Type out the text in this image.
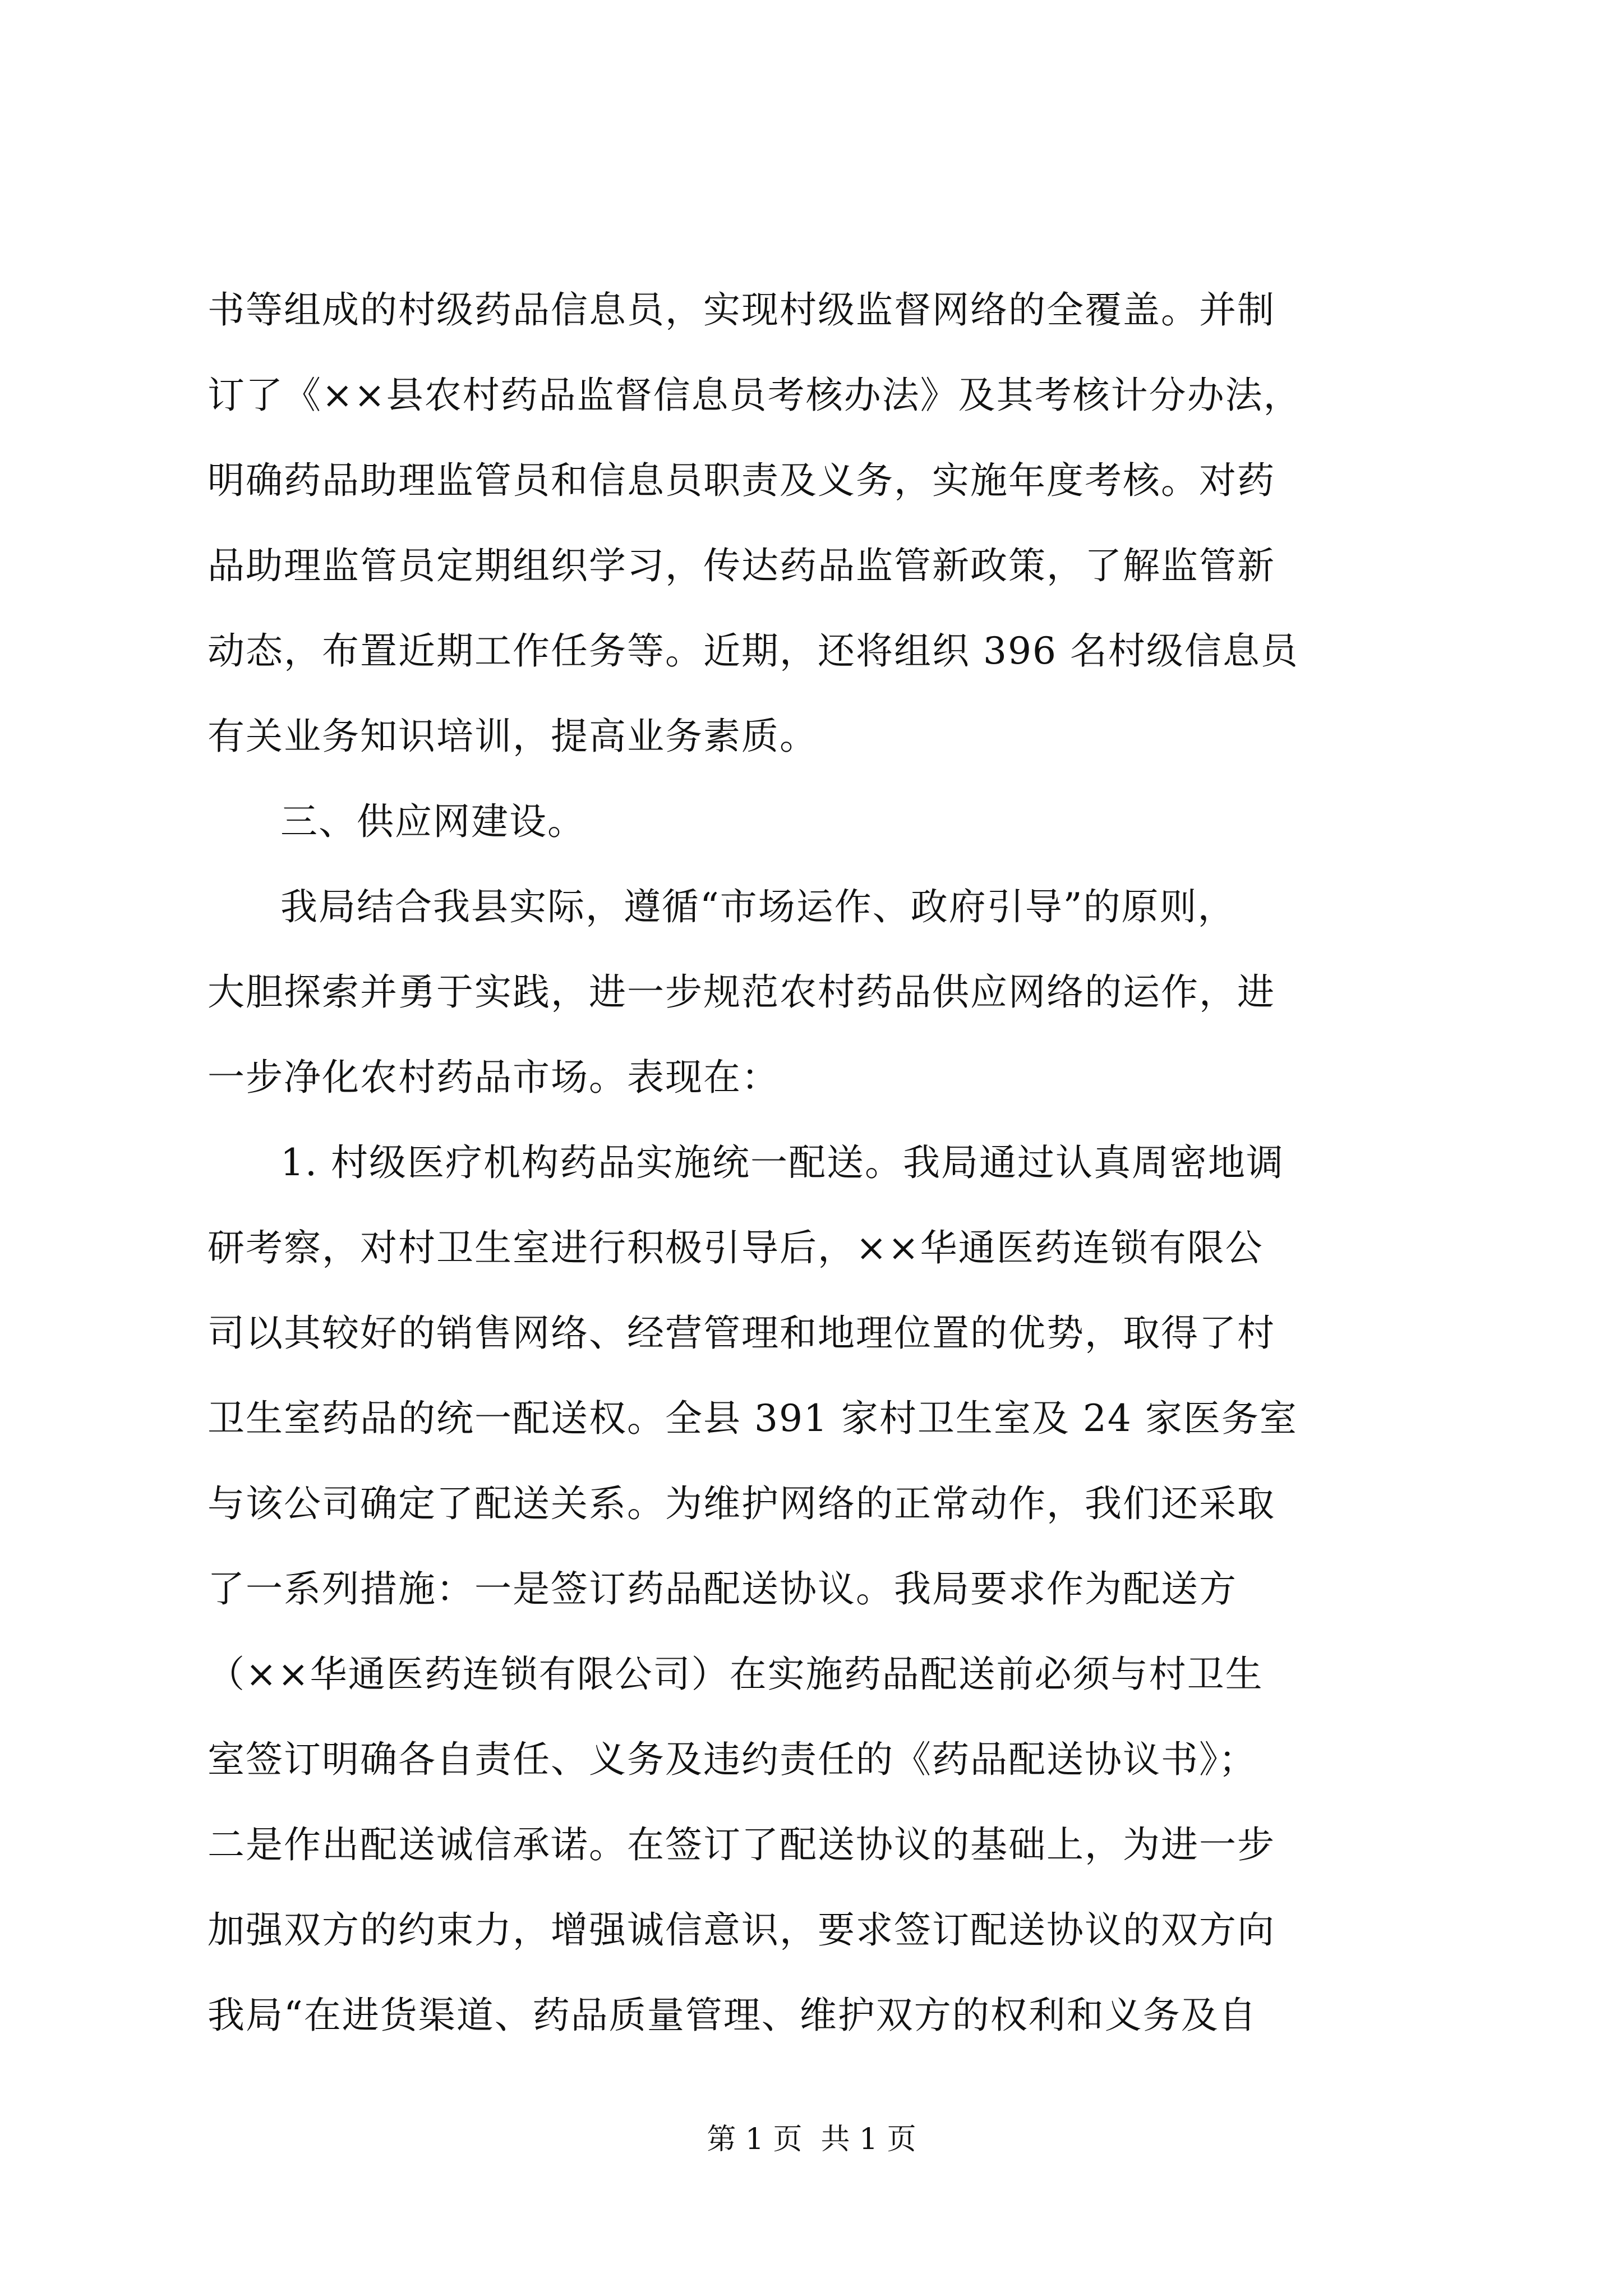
书等组成的村级药品信息员，实现村级监督网络的全覆盖。并制
订了《××县农村药品监督信息员考核办法》及其考核计分办法，
明确药品助理监管员和信息员职责及义务，实施年度考核。对药
品助理监管员定期组织学习，传达药品监管新政策，了解监管新
动态，布置近期工作任务等。近期，还将组织 396 名村级信息员
有关业务知识培训，提高业务素质。
三、供应网建设。
我局结合我县实际，遵循“市场运作、政府引导”的原则，
大胆探索并勇于实践，进一步规范农村药品供应网络的运作，进
一步净化农村药品市场。表现在：
1. 村级医疗机构药品实施统一配送。我局通过认真周密地调
研考察，对村卫生室进行积极引导后，××华通医药连锁有限公
司以其较好的销售网络、经营管理和地理位置的优势，取得了村
卫生室药品的统一配送权。全县 391 家村卫生室及 24 家医务室
与该公司确定了配送关系。为维护网络的正常动作，我们还采取
了一系列措施：一是签订药品配送协议。我局要求作为配送方
（××华通医药连锁有限公司）在实施药品配送前必须与村卫生
室签订明确各自责任、义务及违约责任的《药品配送协议书》；
二是作出配送诚信承诺。在签订了配送协议的基础上，为进一步
加强双方的约束力，增强诚信意识，要求签订配送协议的双方向
我局“在进货渠道、药品质量管理、维护双方的权利和义务及自
第 1 页  共 1 页
